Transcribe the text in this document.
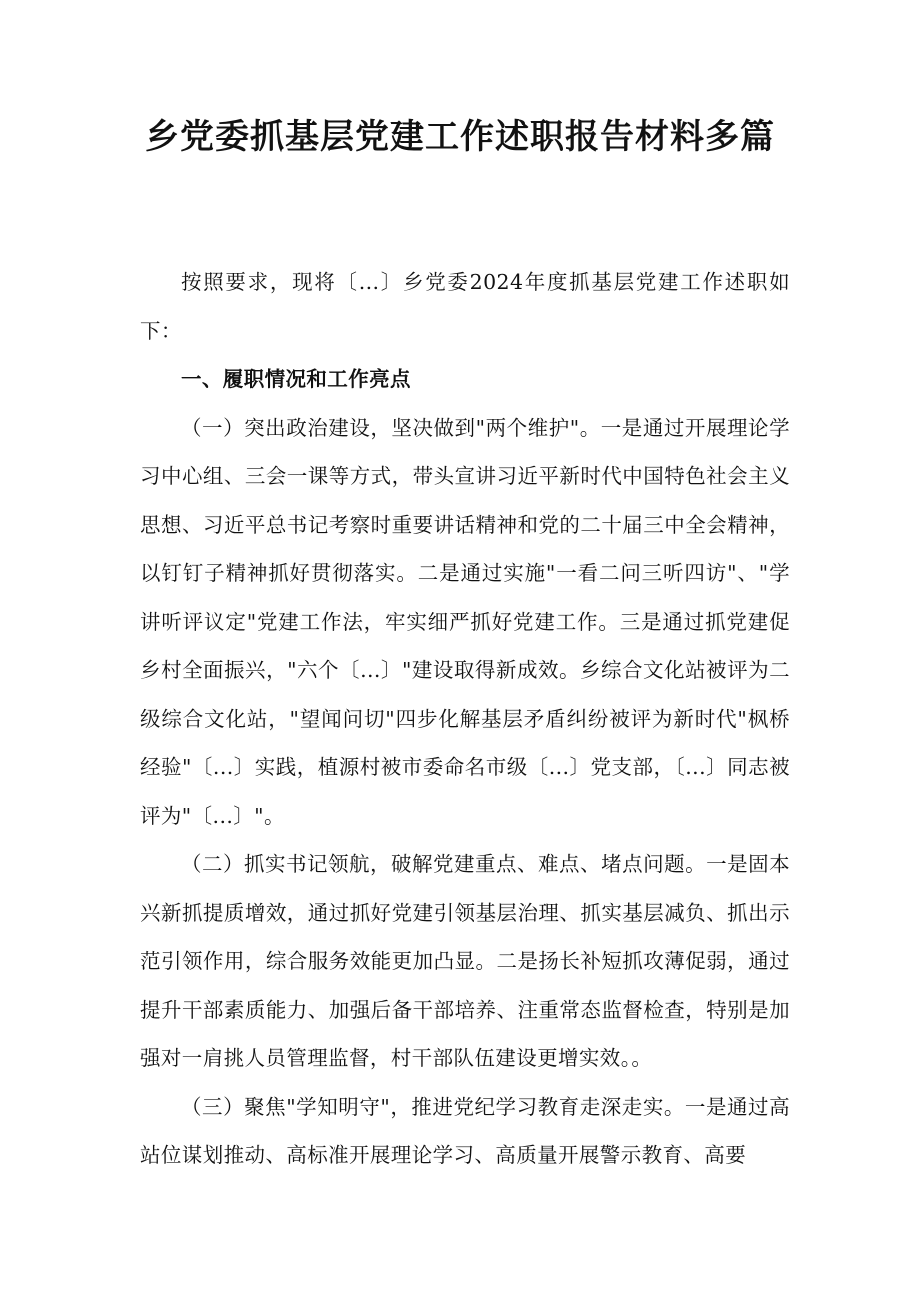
乡党委抓基层党建工作述职报告材料多篇

按照要求，现将〔...〕乡党委2024年度抓基层党建工作述职如下：

一、履职情况和工作亮点

（一）突出政治建设，坚决做到"两个维护"。一是通过开展理论学习中心组、三会一课等方式，带头宣讲习近平新时代中国特色社会主义思想、习近平总书记考察时重要讲话精神和党的二十届三中全会精神，以钉钉子精神抓好贯彻落实。二是通过实施"一看二问三听四访"、"学讲听评议定"党建工作法，牢实细严抓好党建工作。三是通过抓党建促乡村全面振兴，"六个〔...〕"建设取得新成效。乡综合文化站被评为二级综合文化站，"望闻问切"四步化解基层矛盾纠纷被评为新时代"枫桥经验"〔...〕实践，植源村被市委命名市级〔...〕党支部，〔...〕同志被评为"〔...〕"。

（二）抓实书记领航，破解党建重点、难点、堵点问题。一是固本兴新抓提质增效，通过抓好党建引领基层治理、抓实基层减负、抓出示范引领作用，综合服务效能更加凸显。二是扬长补短抓攻薄促弱，通过提升干部素质能力、加强后备干部培养、注重常态监督检查，特别是加强对一肩挑人员管理监督，村干部队伍建设更增实效。。

（三）聚焦"学知明守"，推进党纪学习教育走深走实。一是通过高站位谋划推动、高标准开展理论学习、高质量开展警示教育、高要
